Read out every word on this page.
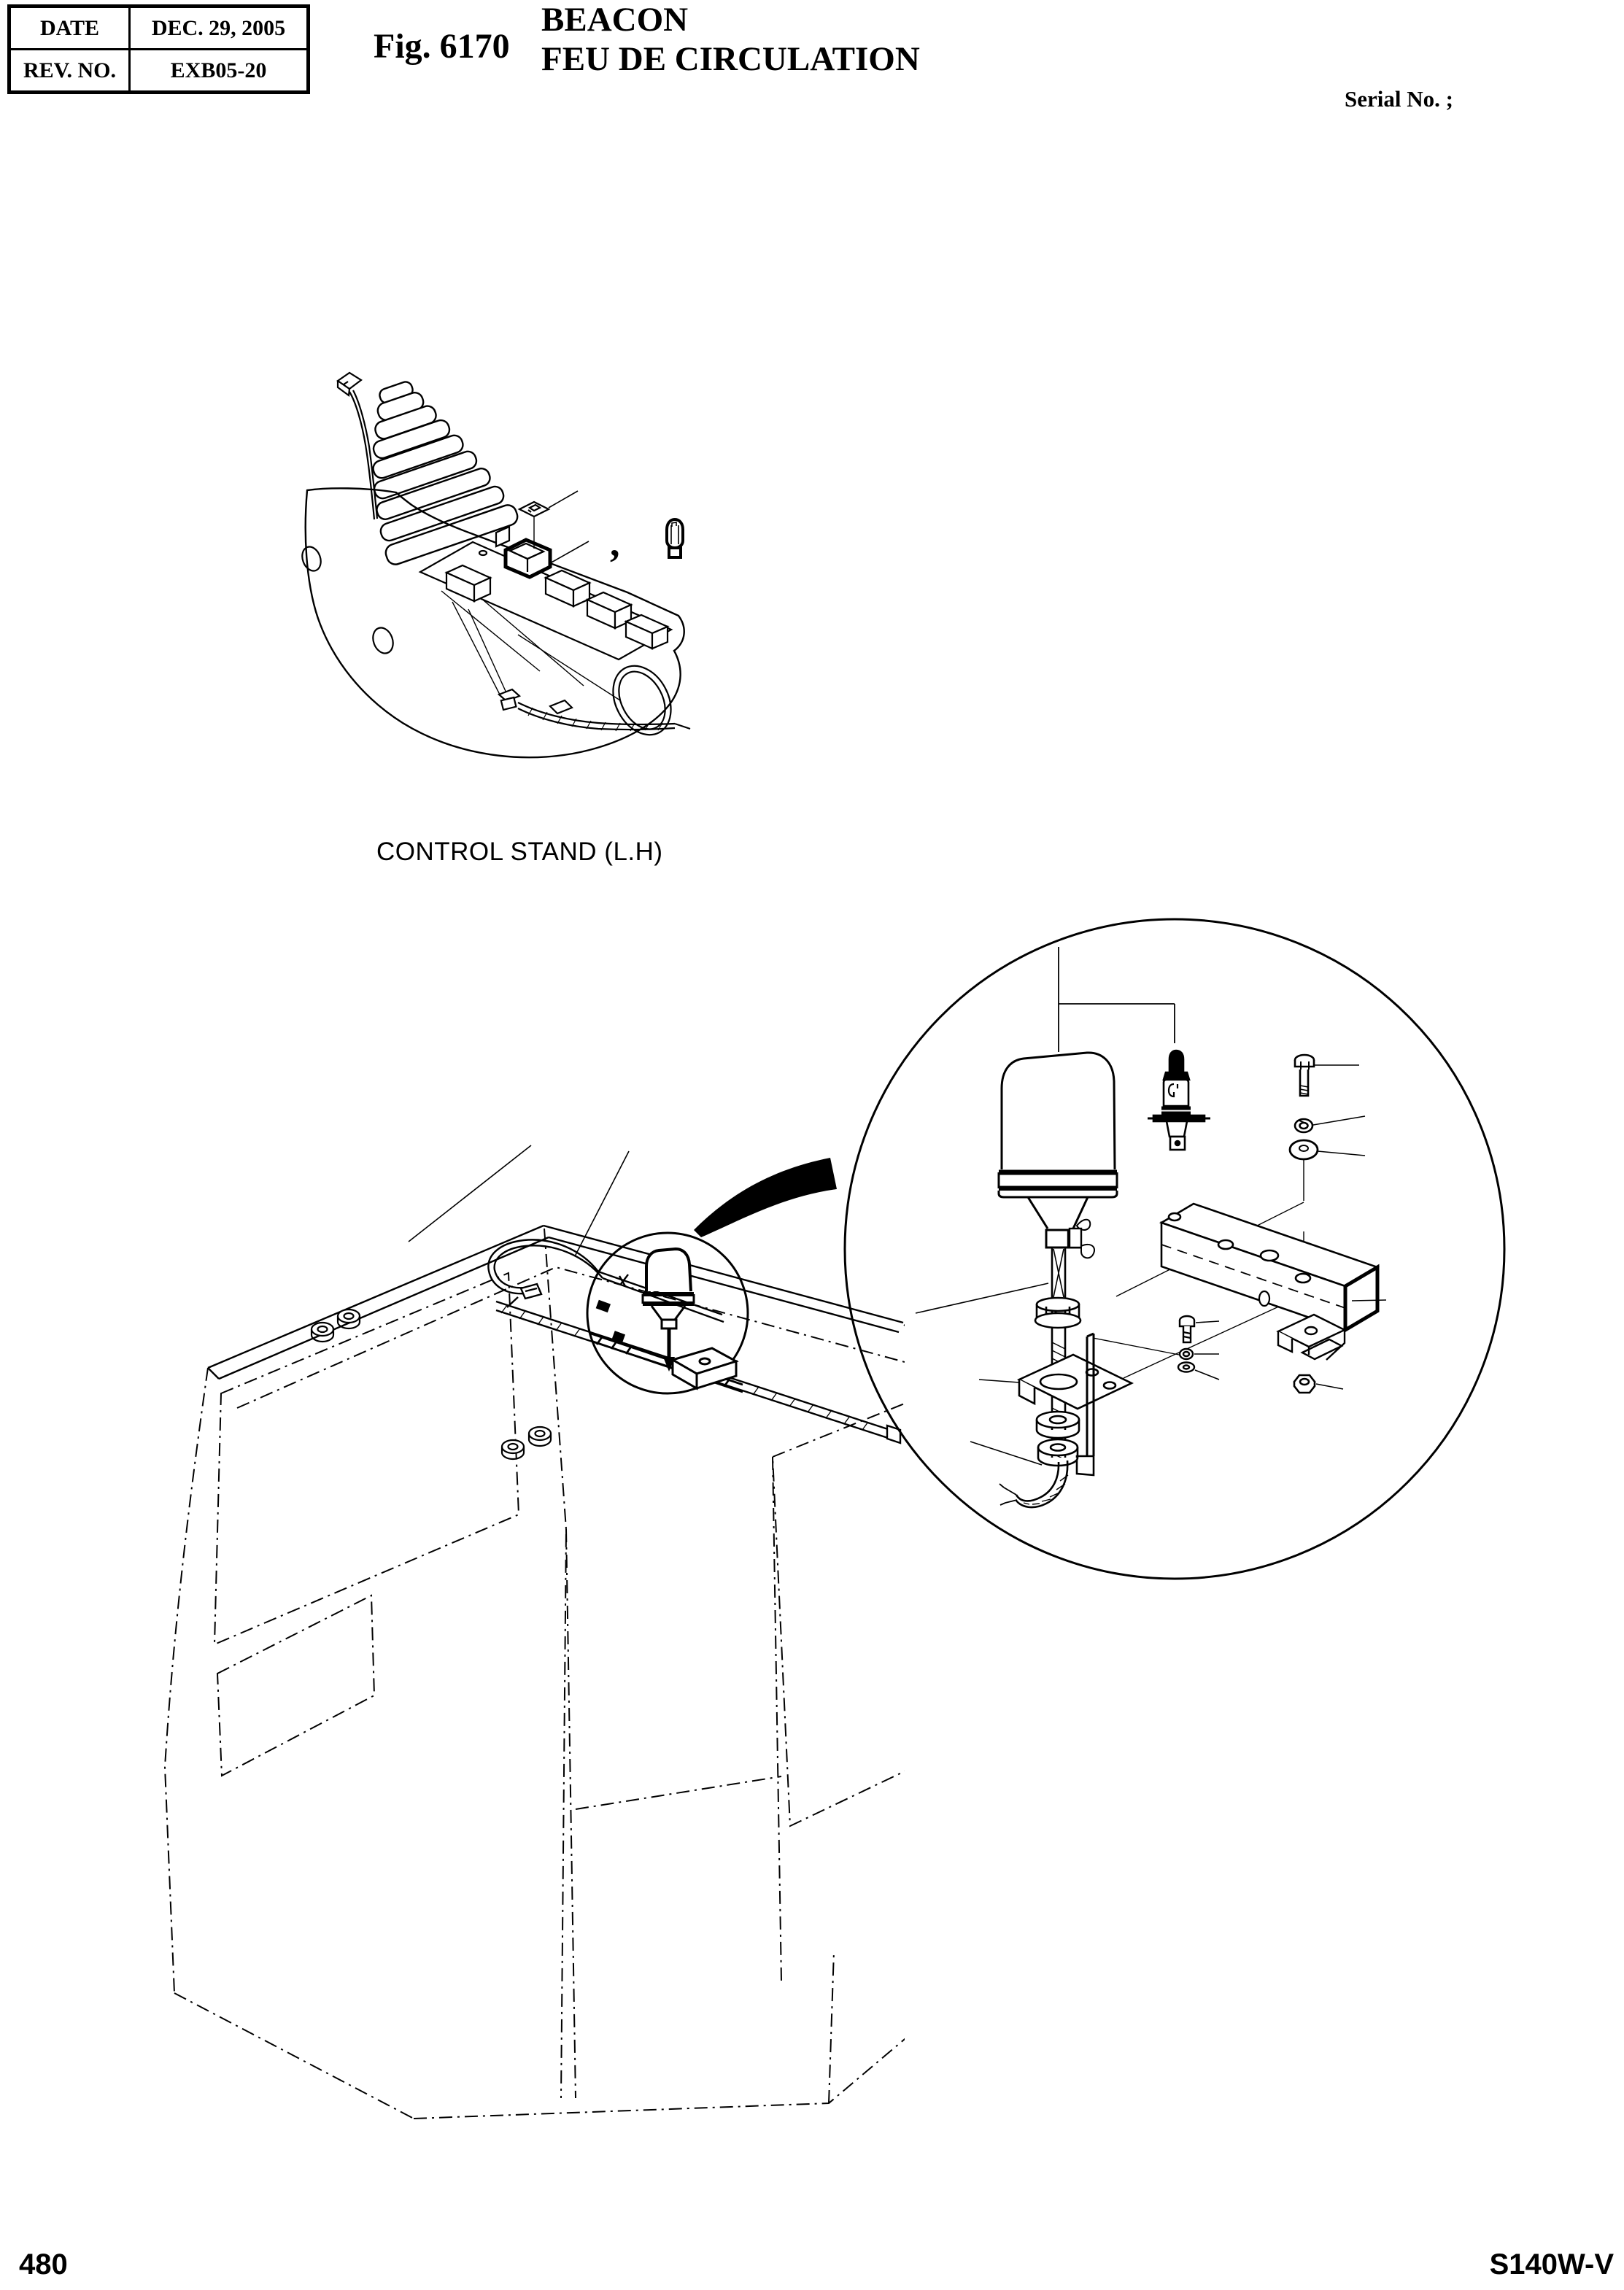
DATE	DEC. 29, 2005
REV. NO.	EXB05-20
Fig. 6170
BEACON
FEU DE CIRCULATION
Serial No. ;
,
CONTROL STAND (L.H)
480	S140W-V
